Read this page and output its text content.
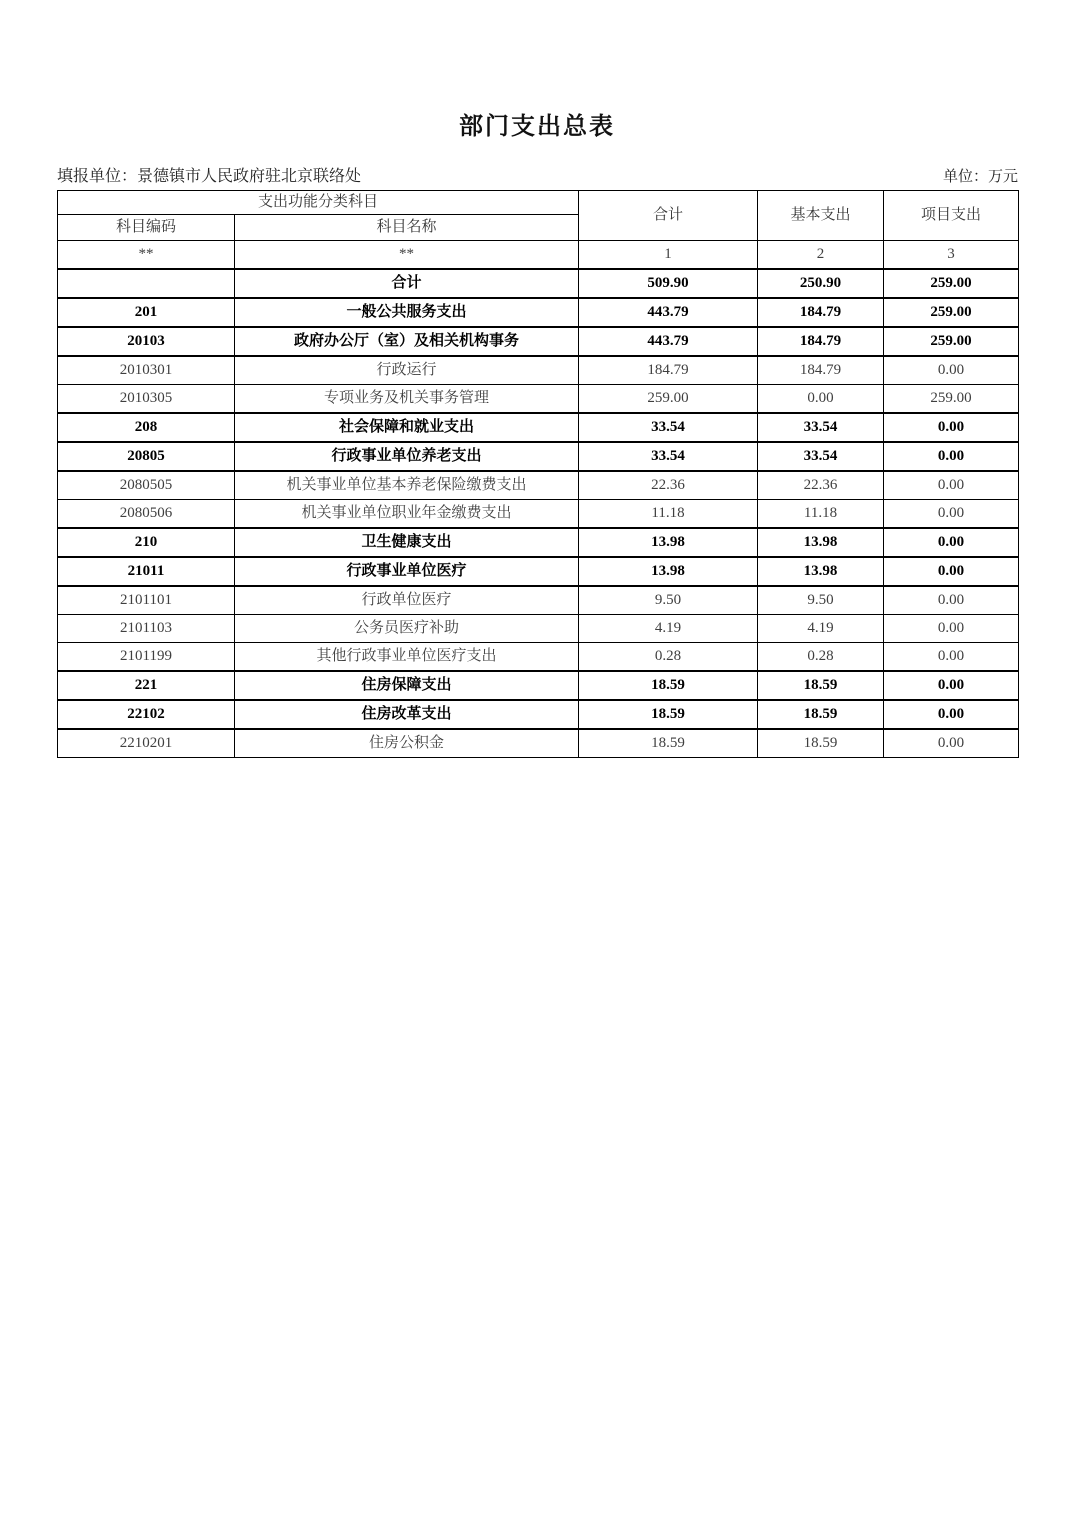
部门支出总表
填报单位：景德镇市人民政府驻北京联络处	单位：万元
支出功能分类科目		合计	基本支出	项目支出
科目编码	科目名称			
**	**	1	2	3
	合计	509.90	250.90	259.00
201	一般公共服务支出	443.79	184.79	259.00
20103	政府办公厅（室）及相关机构事务	443.79	184.79	259.00
2010301	行政运行	184.79	184.79	0.00
2010305	专项业务及机关事务管理	259.00	0.00	259.00
208	社会保障和就业支出	33.54	33.54	0.00
20805	行政事业单位养老支出	33.54	33.54	0.00
2080505	机关事业单位基本养老保险缴费支出	22.36	22.36	0.00
2080506	机关事业单位职业年金缴费支出	11.18	11.18	0.00
210	卫生健康支出	13.98	13.98	0.00
21011	行政事业单位医疗	13.98	13.98	0.00
2101101	行政单位医疗	9.50	9.50	0.00
2101103	公务员医疗补助	4.19	4.19	0.00
2101199	其他行政事业单位医疗支出	0.28	0.28	0.00
221	住房保障支出	18.59	18.59	0.00
22102	住房改革支出	18.59	18.59	0.00
2210201	住房公积金	18.59	18.59	0.00
